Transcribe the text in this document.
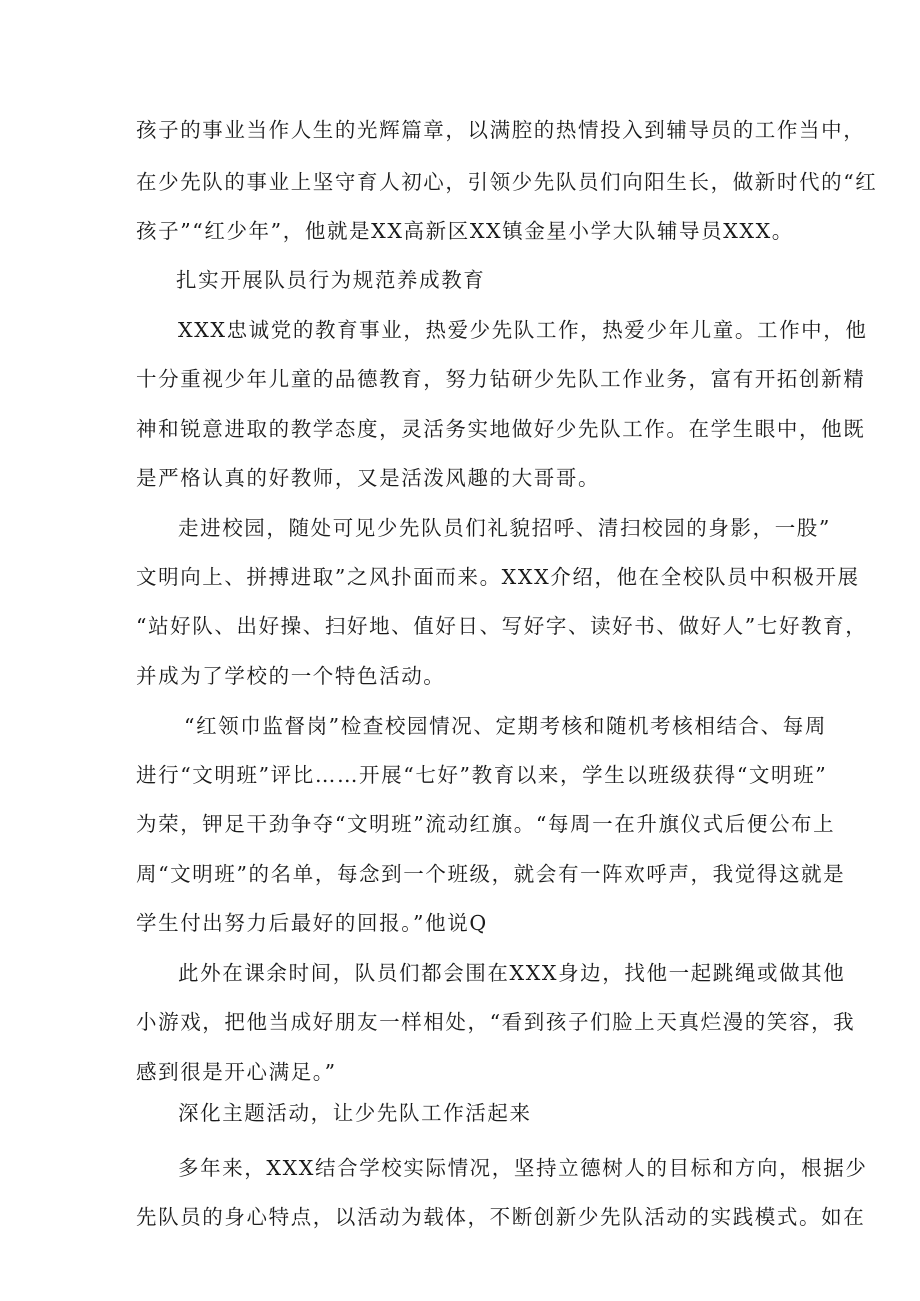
孩子的事业当作人生的光辉篇章，以满腔的热情投入到辅导员的工作当中，
在少先队的事业上坚守育人初心，引领少先队员们向阳生长，做新时代的“红
孩子”“红少年”，他就是XX高新区XX镇金星小学大队辅导员XXX。
扎实开展队员行为规范养成教育
XXX忠诚党的教育事业，热爱少先队工作，热爱少年儿童。工作中，他
十分重视少年儿童的品德教育，努力钻研少先队工作业务，富有开拓创新精
神和锐意进取的教学态度，灵活务实地做好少先队工作。在学生眼中，他既
是严格认真的好教师，又是活泼风趣的大哥哥。
走进校园，随处可见少先队员们礼貌招呼、清扫校园的身影，一股”
文明向上、拼搏进取”之风扑面而来。XXX介绍，他在全校队员中积极开展
“站好队、出好操、扫好地、值好日、写好字、读好书、做好人”七好教育，
并成为了学校的一个特色活动。
“红领巾监督岗”检查校园情况、定期考核和随机考核相结合、每周
进行“文明班”评比……开展“七好”教育以来，学生以班级获得“文明班”
为荣，钾足干劲争夺“文明班”流动红旗。“每周一在升旗仪式后便公布上
周“文明班”的名单，每念到一个班级，就会有一阵欢呼声，我觉得这就是
学生付出努力后最好的回报。”他说Q
此外在课余时间，队员们都会围在XXX身边，找他一起跳绳或做其他
小游戏，把他当成好朋友一样相处，“看到孩子们脸上天真烂漫的笑容，我
感到很是开心满足。”
深化主题活动，让少先队工作活起来
多年来，XXX结合学校实际情况，坚持立德树人的目标和方向，根据少
先队员的身心特点，以活动为载体，不断创新少先队活动的实践模式。如在
